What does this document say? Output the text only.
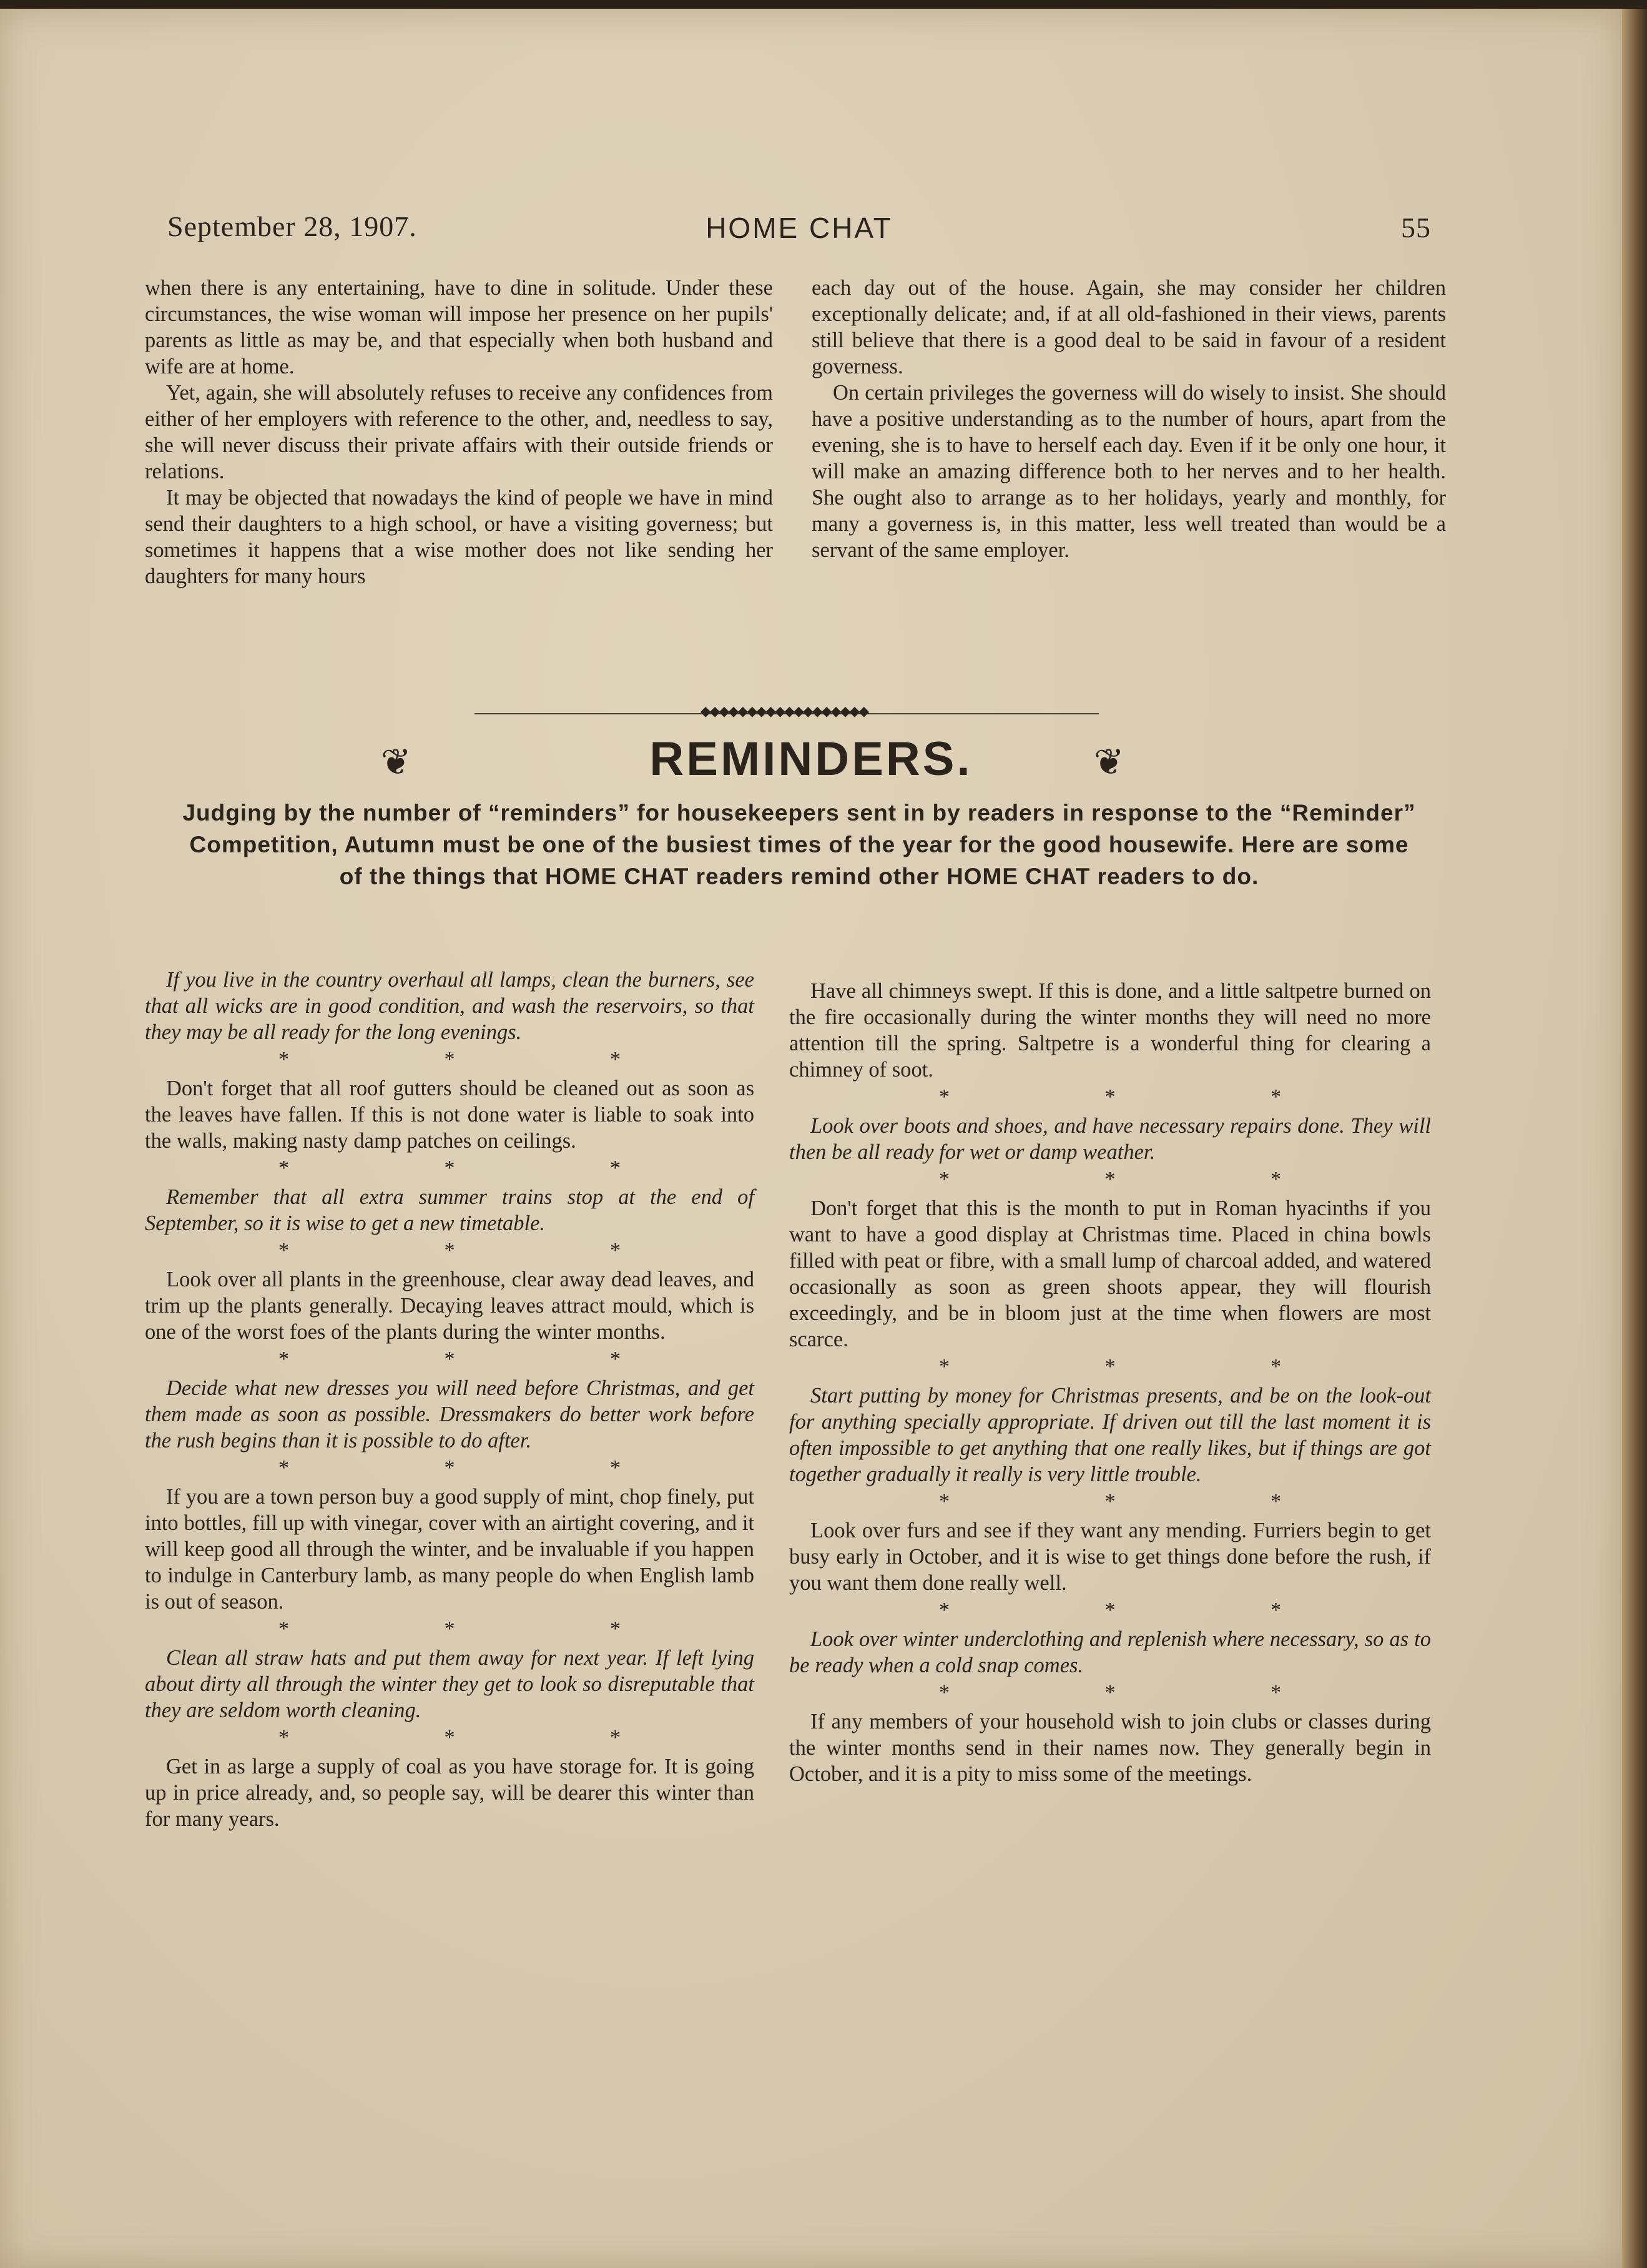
September 28, 1907.	HOME CHAT	55

when there is any entertaining, have to dine in solitude. Under these circumstances, the wise woman will impose her presence on her pupils' parents as little as may be, and that especially when both husband and wife are at home.

Yet, again, she will absolutely refuses to receive any confidences from either of her employers with reference to the other, and, needless to say, she will never discuss their private affairs with their outside friends or relations.

It may be objected that nowadays the kind of people we have in mind send their daughters to a high school, or have a visiting governess; but sometimes it happens that a wise mother does not like sending her daughters for many hours

each day out of the house. Again, she may consider her children exceptionally delicate; and, if at all old-fashioned in their views, parents still believe that there is a good deal to be said in favour of a resident governess.

On certain privileges the governess will do wisely to insist. She should have a positive understanding as to the number of hours, apart from the evening, she is to have to herself each day. Even if it be only one hour, it will make an amazing difference both to her nerves and to her health. She ought also to arrange as to her holidays, yearly and monthly, for many a governess is, in this matter, less well treated than would be a servant of the same employer.

◆◆◆◆◆◆◆◆◆◆◆◆◆◆◆◆◆◆
❦	REMINDERS.	❦
Judging by the number of “reminders” for housekeepers sent in by readers in response to the “Reminder” Competition, Autumn must be one of the busiest times of the year for the good housewife. Here are some of the things that HOME CHAT readers remind other HOME CHAT readers to do.

If you live in the country overhaul all lamps, clean the burners, see that all wicks are in good condition, and wash the reservoirs, so that they may be all ready for the long evenings.

* * *

Don't forget that all roof gutters should be cleaned out as soon as the leaves have fallen. If this is not done water is liable to soak into the walls, making nasty damp patches on ceilings.

* * *

Remember that all extra summer trains stop at the end of September, so it is wise to get a new timetable.

* * *

Look over all plants in the greenhouse, clear away dead leaves, and trim up the plants generally. Decaying leaves attract mould, which is one of the worst foes of the plants during the winter months.

* * *

Decide what new dresses you will need before Christmas, and get them made as soon as possible. Dressmakers do better work before the rush begins than it is possible to do after.

* * *

If you are a town person buy a good supply of mint, chop finely, put into bottles, fill up with vinegar, cover with an airtight covering, and it will keep good all through the winter, and be invaluable if you happen to indulge in Canterbury lamb, as many people do when English lamb is out of season.

* * *

Clean all straw hats and put them away for next year. If left lying about dirty all through the winter they get to look so disreputable that they are seldom worth cleaning.

* * *

Get in as large a supply of coal as you have storage for. It is going up in price already, and, so people say, will be dearer this winter than for many years.

Have all chimneys swept. If this is done, and a little saltpetre burned on the fire occasionally during the winter months they will need no more attention till the spring. Saltpetre is a wonderful thing for clearing a chimney of soot.

* * *

Look over boots and shoes, and have necessary repairs done. They will then be all ready for wet or damp weather.

* * *

Don't forget that this is the month to put in Roman hyacinths if you want to have a good display at Christmas time. Placed in china bowls filled with peat or fibre, with a small lump of charcoal added, and watered occasionally as soon as green shoots appear, they will flourish exceedingly, and be in bloom just at the time when flowers are most scarce.

* * *

Start putting by money for Christmas presents, and be on the look-out for anything specially appropriate. If driven out till the last moment it is often impossible to get anything that one really likes, but if things are got together gradually it really is very little trouble.

* * *

Look over furs and see if they want any mending. Furriers begin to get busy early in October, and it is wise to get things done before the rush, if you want them done really well.

* * *

Look over winter underclothing and replenish where necessary, so as to be ready when a cold snap comes.

* * *

If any members of your household wish to join clubs or classes during the winter months send in their names now. They generally begin in October, and it is a pity to miss some of the meetings.
